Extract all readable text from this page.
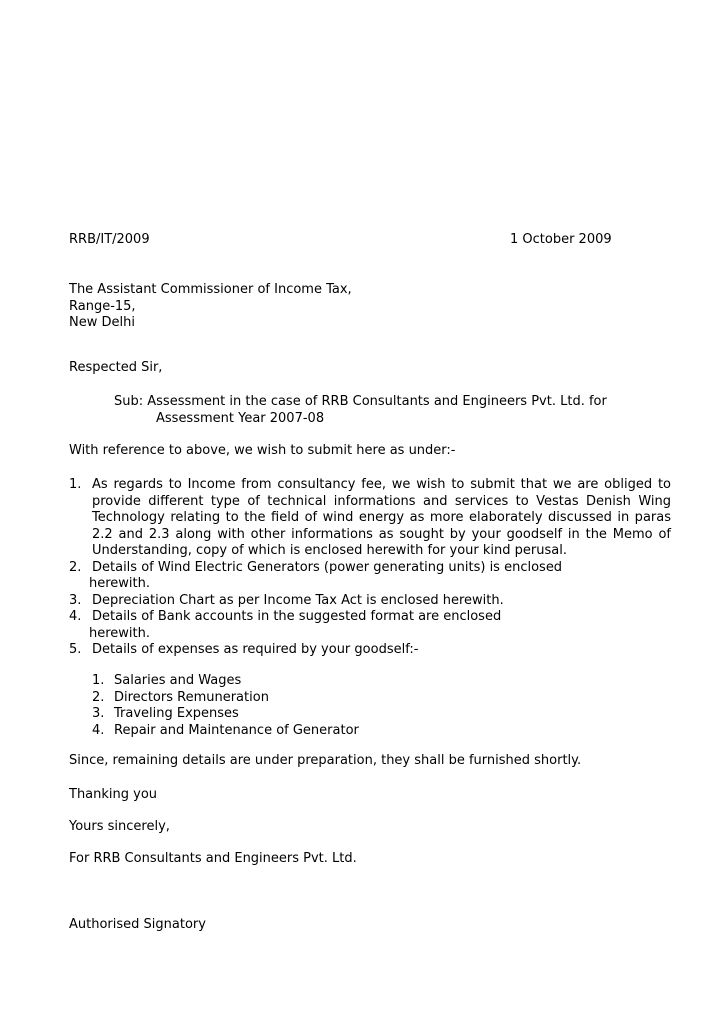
RRB/IT/2009	1 October 2009
The Assistant Commissioner of Income Tax,
Range-15,
New Delhi
Respected Sir,
Sub: Assessment in the case of RRB Consultants and Engineers Pvt. Ltd. for
Assessment Year 2007-08
With reference to above, we wish to submit here as under:-
1. As regards to Income from consultancy fee, we wish to submit that we are obliged to provide different type of technical informations and services to Vestas Denish Wing Technology relating to the field of wind energy as more elaborately discussed in paras 2.2 and 2.3 along with other informations as sought by your goodself in the Memo of Understanding, copy of which is enclosed herewith for your kind perusal.
2. Details of Wind Electric Generators (power generating units) is enclosed
herewith.
3. Depreciation Chart as per Income Tax Act is enclosed herewith.
4. Details of Bank accounts in the suggested format are enclosed
herewith.
5. Details of expenses as required by your goodself:-
1. Salaries and Wages
2. Directors Remuneration
3. Traveling Expenses
4. Repair and Maintenance of Generator
Since, remaining details are under preparation, they shall be furnished shortly.
Thanking you
Yours sincerely,
For RRB Consultants and Engineers Pvt. Ltd.
Authorised Signatory
